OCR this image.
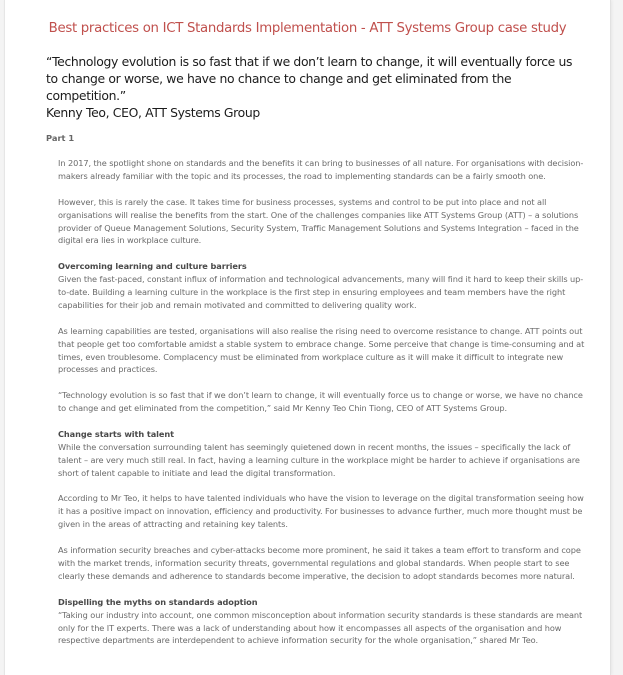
Best practices on ICT Standards Implementation - ATT Systems Group case study

“Technology evolution is so fast that if we don’t learn to change, it will eventually force us to change or worse, we have no chance to change and get eliminated from the competition.”

Kenny Teo, CEO, ATT Systems Group

Part 1

In 2017, the spotlight shone on standards and the benefits it can bring to businesses of all nature. For organisations with decision-makers already familiar with the topic and its processes, the road to implementing standards can be a fairly smooth one.

However, this is rarely the case. It takes time for business processes, systems and control to be put into place and not all organisations will realise the benefits from the start. One of the challenges companies like ATT Systems Group (ATT) – a solutions provider of Queue Management Solutions, Security System, Traffic Management Solutions and Systems Integration – faced in the digital era lies in workplace culture.

Overcoming learning and culture barriers

Given the fast-paced, constant influx of information and technological advancements, many will find it hard to keep their skills up-to-date. Building a learning culture in the workplace is the first step in ensuring employees and team members have the right capabilities for their job and remain motivated and committed to delivering quality work.

As learning capabilities are tested, organisations will also realise the rising need to overcome resistance to change. ATT points out that people get too comfortable amidst a stable system to embrace change. Some perceive that change is time-consuming and at times, even troublesome. Complacency must be eliminated from workplace culture as it will make it difficult to integrate new processes and practices.

“Technology evolution is so fast that if we don’t learn to change, it will eventually force us to change or worse, we have no chance to change and get eliminated from the competition,” said Mr Kenny Teo Chin Tiong, CEO of ATT Systems Group.

Change starts with talent

While the conversation surrounding talent has seemingly quietened down in recent months, the issues – specifically the lack of talent – are very much still real. In fact, having a learning culture in the workplace might be harder to achieve if organisations are short of talent capable to initiate and lead the digital transformation.

According to Mr Teo, it helps to have talented individuals who have the vision to leverage on the digital transformation seeing how it has a positive impact on innovation, efficiency and productivity. For businesses to advance further, much more thought must be given in the areas of attracting and retaining key talents.

As information security breaches and cyber-attacks become more prominent, he said it takes a team effort to transform and cope with the market trends, information security threats, governmental regulations and global standards. When people start to see clearly these demands and adherence to standards become imperative, the decision to adopt standards becomes more natural.

Dispelling the myths on standards adoption

“Taking our industry into account, one common misconception about information security standards is these standards are meant only for the IT experts. There was a lack of understanding about how it encompasses all aspects of the organisation and how respective departments are interdependent to achieve information security for the whole organisation,” shared Mr Teo.
